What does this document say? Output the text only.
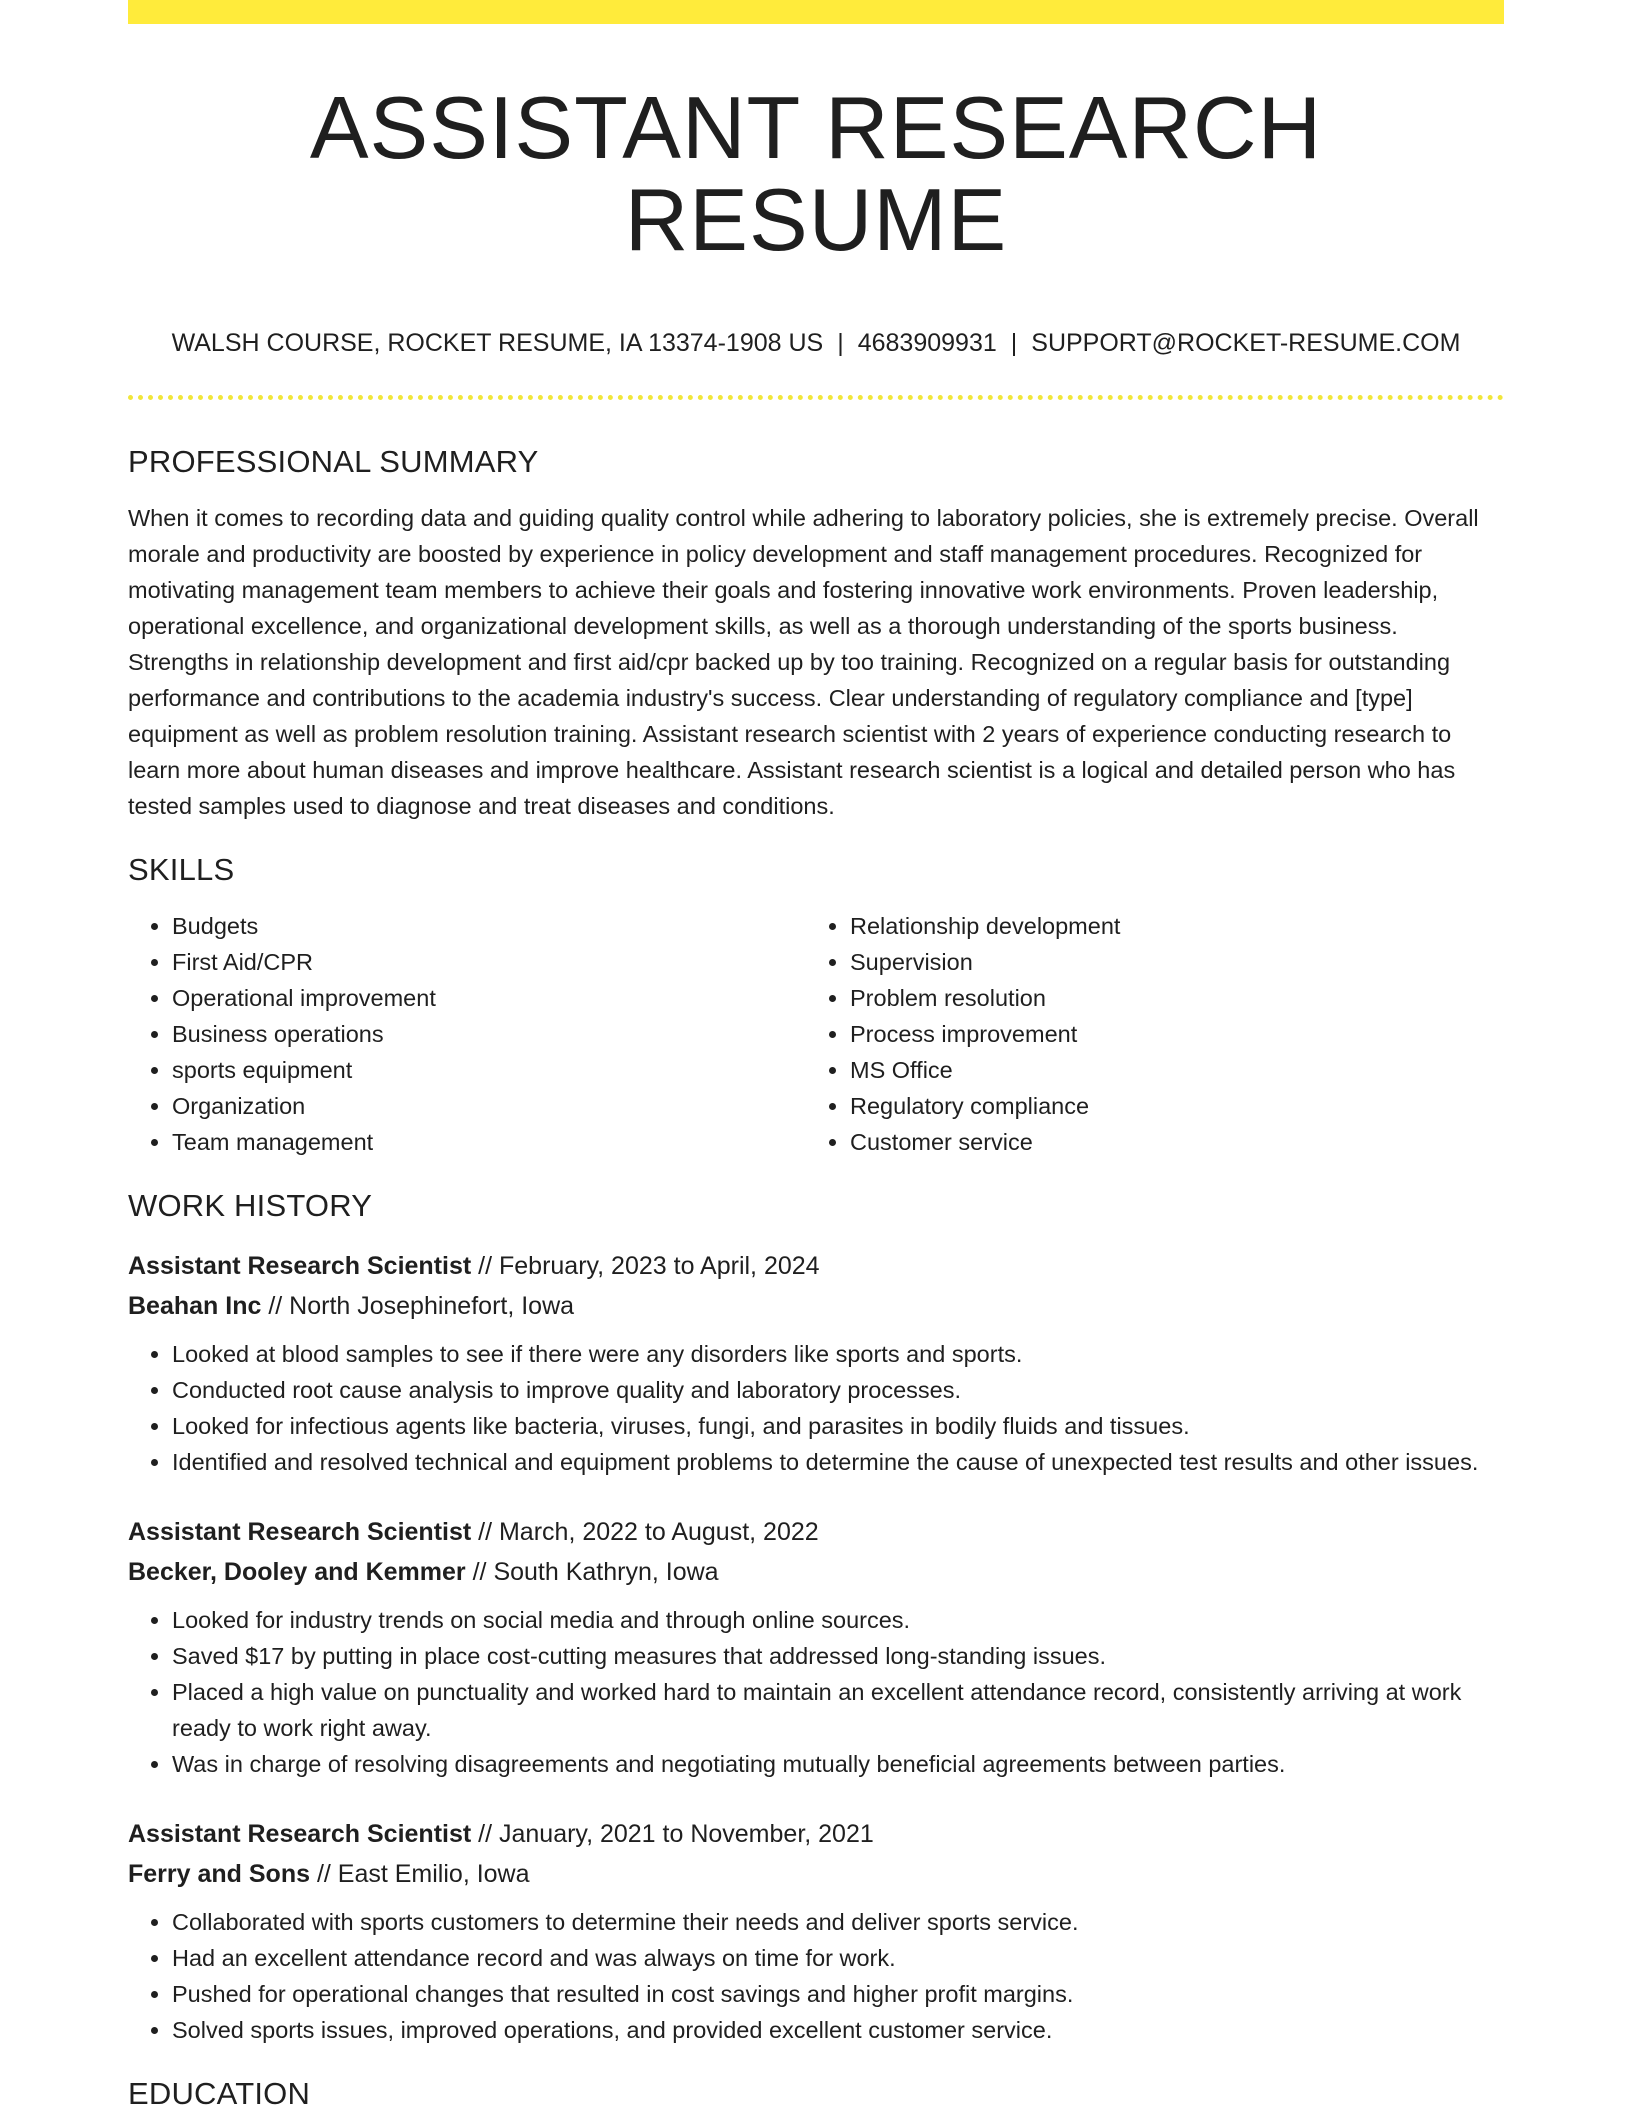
ASSISTANT RESEARCH RESUME
WALSH COURSE, ROCKET RESUME, IA 13374-1908 US | 4683909931 | SUPPORT@ROCKET-RESUME.COM
PROFESSIONAL SUMMARY
When it comes to recording data and guiding quality control while adhering to laboratory policies, she is extremely precise. Overall morale and productivity are boosted by experience in policy development and staff management procedures. Recognized for motivating management team members to achieve their goals and fostering innovative work environments. Proven leadership, operational excellence, and organizational development skills, as well as a thorough understanding of the sports business. Strengths in relationship development and first aid/cpr backed up by too training. Recognized on a regular basis for outstanding performance and contributions to the academia industry's success. Clear understanding of regulatory compliance and [type] equipment as well as problem resolution training. Assistant research scientist with 2 years of experience conducting research to learn more about human diseases and improve healthcare. Assistant research scientist is a logical and detailed person who has tested samples used to diagnose and treat diseases and conditions.
SKILLS
• Budgets
• First Aid/CPR
• Operational improvement
• Business operations
• sports equipment
• Organization
• Team management
• Relationship development
• Supervision
• Problem resolution
• Process improvement
• MS Office
• Regulatory compliance
• Customer service
WORK HISTORY
Assistant Research Scientist // February, 2023 to April, 2024
Beahan Inc // North Josephinefort, Iowa
• Looked at blood samples to see if there were any disorders like sports and sports.
• Conducted root cause analysis to improve quality and laboratory processes.
• Looked for infectious agents like bacteria, viruses, fungi, and parasites in bodily fluids and tissues.
• Identified and resolved technical and equipment problems to determine the cause of unexpected test results and other issues.
Assistant Research Scientist // March, 2022 to August, 2022
Becker, Dooley and Kemmer // South Kathryn, Iowa
• Looked for industry trends on social media and through online sources.
• Saved $17 by putting in place cost-cutting measures that addressed long-standing issues.
• Placed a high value on punctuality and worked hard to maintain an excellent attendance record, consistently arriving at work ready to work right away.
• Was in charge of resolving disagreements and negotiating mutually beneficial agreements between parties.
Assistant Research Scientist // January, 2021 to November, 2021
Ferry and Sons // East Emilio, Iowa
• Collaborated with sports customers to determine their needs and deliver sports service.
• Had an excellent attendance record and was always on time for work.
• Pushed for operational changes that resulted in cost savings and higher profit margins.
• Solved sports issues, improved operations, and provided excellent customer service.
EDUCATION
